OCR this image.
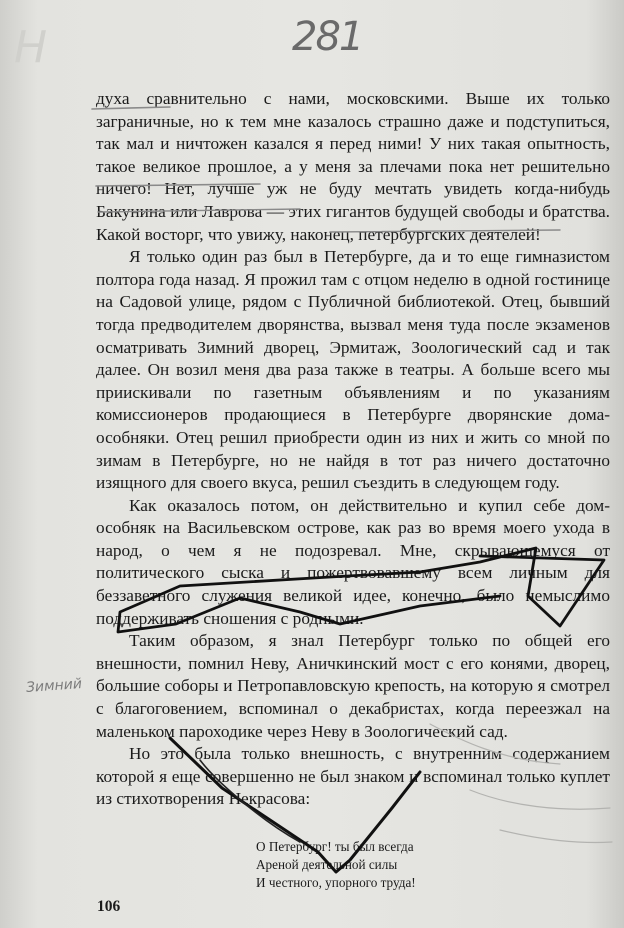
Н	281

духа сравнительно с нами, московскими. Выше их только заграничные, но к тем мне казалось страшно даже и подступиться, так мал и ничтожен казался я перед ними! У них такая опытность, такое великое прошлое, а у меня за плечами пока нет решительно ничего! Нет, лучше уж не буду мечтать увидеть когда-нибудь Бакунина или Лаврова — этих гигантов будущей свободы и братства. Какой восторг, что увижу, наконец, петербургских деятелей!

Я только один раз был в Петербурге, да и то еще гимназистом полтора года назад. Я прожил там с отцом неделю в одной гостинице на Садовой улице, рядом с Публичной библиотекой. Отец, бывший тогда предводителем дворянства, вызвал меня туда после экзаменов осматривать Зимний дворец, Эрмитаж, Зоологический сад и так далее. Он возил меня два раза также в театры. А больше всего мы приискивали по газетным объявлениям и по указаниям комиссионеров продающиеся в Петербурге дворянские дома-особняки. Отец решил приобрести один из них и жить со мной по зимам в Петербурге, но не найдя в тот раз ничего достаточно изящного для своего вкуса, решил съездить в следующем году.

Как оказалось потом, он действительно и купил себе дом-особняк на Васильевском острове, как раз во время моего ухода в народ, о чем я не подозревал. Мне, скрывающемуся от политического сыска и пожертвовавшему всем личным для беззаветного служения великой идее, конечно, было немыслимо поддерживать сношения с родными.

Таким образом, я знал Петербург только по общей его внешности, помнил Неву, Аничкинский мост с его конями, дворец, большие соборы и Петропавловскую крепость, на которую я смотрел с благоговением, вспоминал о декабристах, когда переезжал на маленьком пароходике через Неву в Зоологический сад.

Но это была только внешность, с внутренним содержанием которой я еще совершенно не был знаком и вспоминал только куплет из стихотворения Некрасова:

О Петербург! ты был всегда
Ареной деятельной силы
И честного, упорного труда!
Зимний
106
